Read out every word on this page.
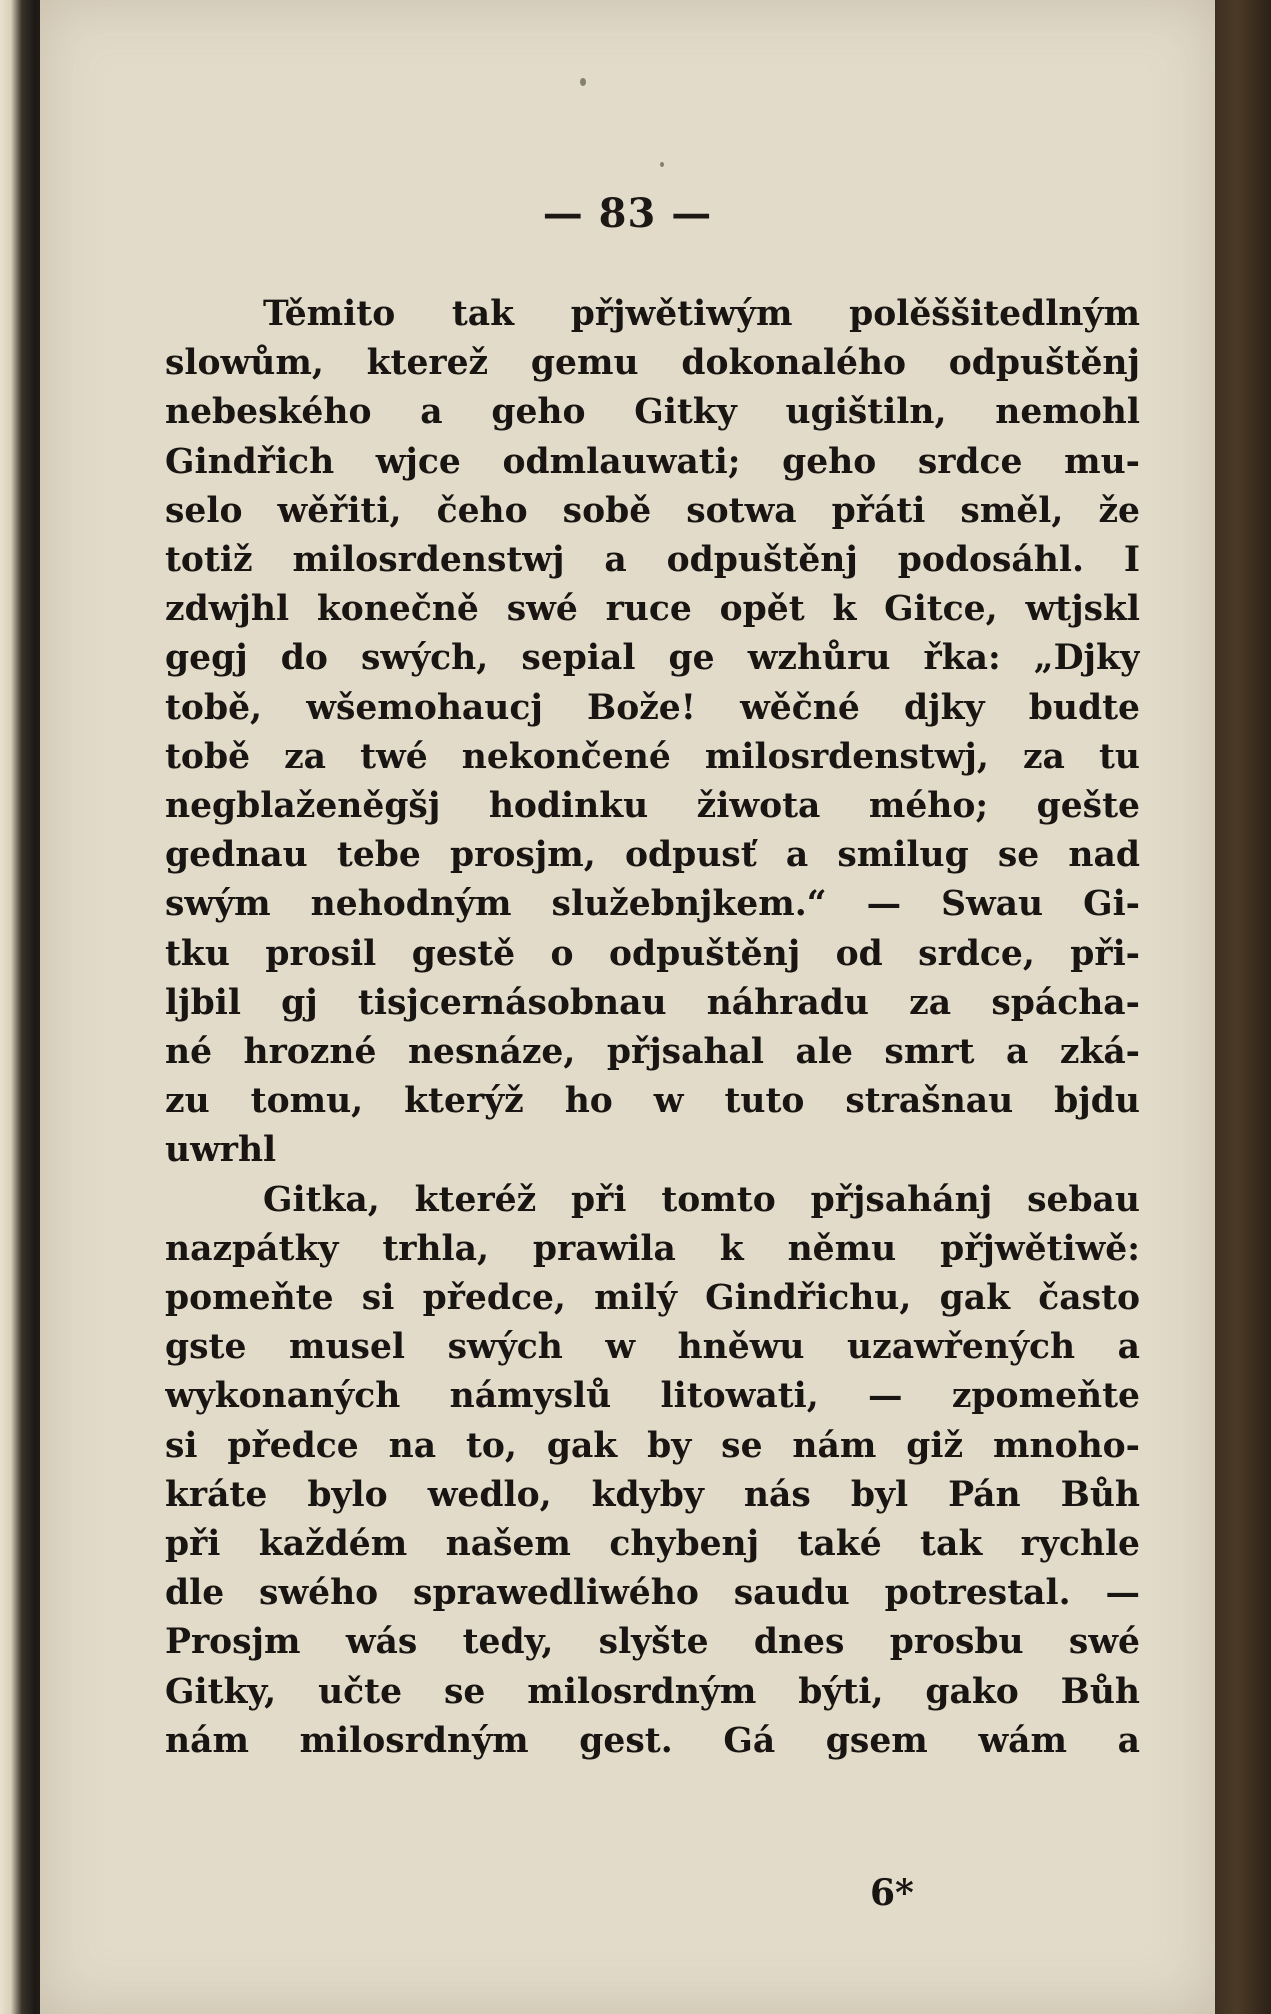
— 83 —
Těmito tak přjwětiwým polěššitedlným
slowům, kterež gemu dokonalého odpuštěnj
nebeského a geho Gitky ugištiln, nemohl
Gindřich wjce odmlauwati; geho srdce mu-
selo wěřiti, čeho sobě sotwa přáti směl, že
totiž milosrdenstwj a odpuštěnj podosáhl. I
zdwjhl konečně swé ruce opět k Gitce, wtjskl
gegj do swých, sepial ge wzhůru řka: „Djky
tobě, wšemohaucj Bože! wěčné djky budte
tobě za twé nekončené milosrdenstwj, za tu
negblaženěgšj hodinku žiwota mého; gešte
gednau tebe prosjm, odpusť a smilug se nad
swým nehodným služebnjkem.“ — Swau Gi-
tku prosil gestě o odpuštěnj od srdce, při-
ljbil gj tisjcernásobnau náhradu za spácha-
né hrozné nesnáze, přjsahal ale smrt a zká-
zu tomu, kterýž ho w tuto strašnau bjdu
uwrhl
Gitka, kteréž při tomto přjsahánj sebau
nazpátky trhla, prawila k němu přjwětiwě:
pomeňte si předce, milý Gindřichu, gak často
gste musel swých w hněwu uzawřených a
wykonaných námyslů litowati, — zpomeňte
si předce na to, gak by se nám giž mnoho-
kráte bylo wedlo, kdyby nás byl Pán Bůh
při každém našem chybenj také tak rychle
dle swého sprawedliwého saudu potrestal. —
Prosjm wás tedy, slyšte dnes prosbu swé
Gitky, učte se milosrdným býti, gako Bůh
nám milosrdným gest. Gá gsem wám a
6*
